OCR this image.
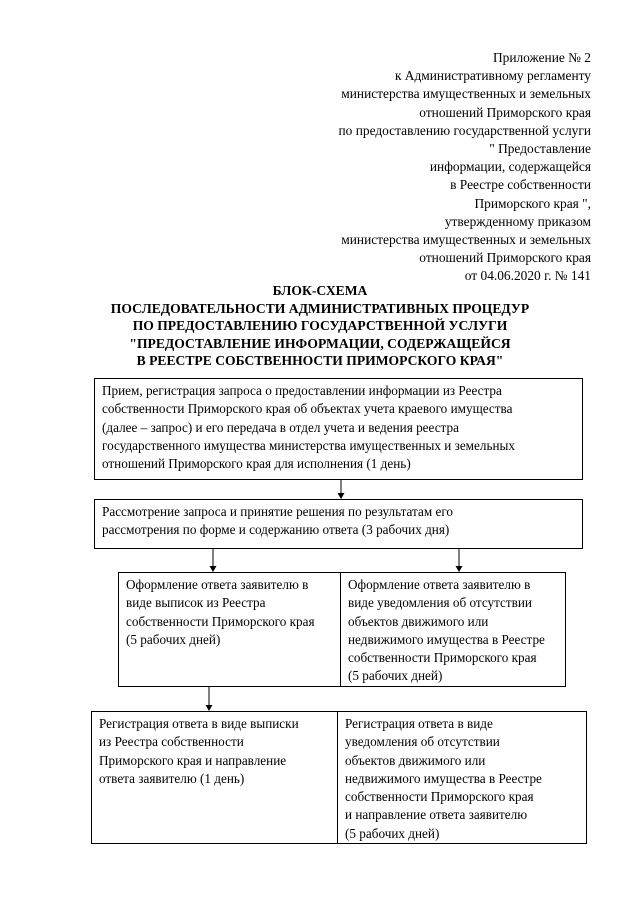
Приложение № 2
к Административному регламенту
министерства имущественных и земельных
отношений Приморского края
по предоставлению государственной услуги
" Предоставление
информации, содержащейся
в Реестре собственности
Приморского края ",
утвержденному приказом
министерства имущественных и земельных
отношений Приморского края
от 04.06.2020 г. № 141
БЛОК-СХЕМА
ПОСЛЕДОВАТЕЛЬНОСТИ АДМИНИСТРАТИВНЫХ ПРОЦЕДУР
ПО ПРЕДОСТАВЛЕНИЮ ГОСУДАРСТВЕННОЙ УСЛУГИ
"ПРЕДОСТАВЛЕНИЕ ИНФОРМАЦИИ, СОДЕРЖАЩЕЙСЯ
В РЕЕСТРЕ СОБСТВЕННОСТИ ПРИМОРСКОГО КРАЯ"
Прием, регистрация запроса о предоставлении информации из Реестра
собственности Приморского края об объектах учета краевого имущества
(далее – запрос) и его передача в отдел учета и ведения реестра
государственного имущества министерства имущественных и земельных
отношений Приморского края для исполнения (1 день)
Рассмотрение запроса и принятие решения по результатам его
рассмотрения по форме и содержанию ответа (3 рабочих дня)
Оформление ответа заявителю в
виде выписок из Реестра
собственности Приморского края
(5 рабочих дней)
Оформление ответа заявителю в
виде уведомления об отсутствии
объектов движимого или
недвижимого имущества в Реестре
собственности Приморского края
(5 рабочих дней)
Регистрация ответа в виде выписки
из Реестра собственности
Приморского края и направление
ответа заявителю (1 день)
Регистрация ответа в виде
уведомления об отсутствии
объектов движимого или
недвижимого имущества в Реестре
собственности Приморского края
и направление ответа заявителю
(5 рабочих дней)
